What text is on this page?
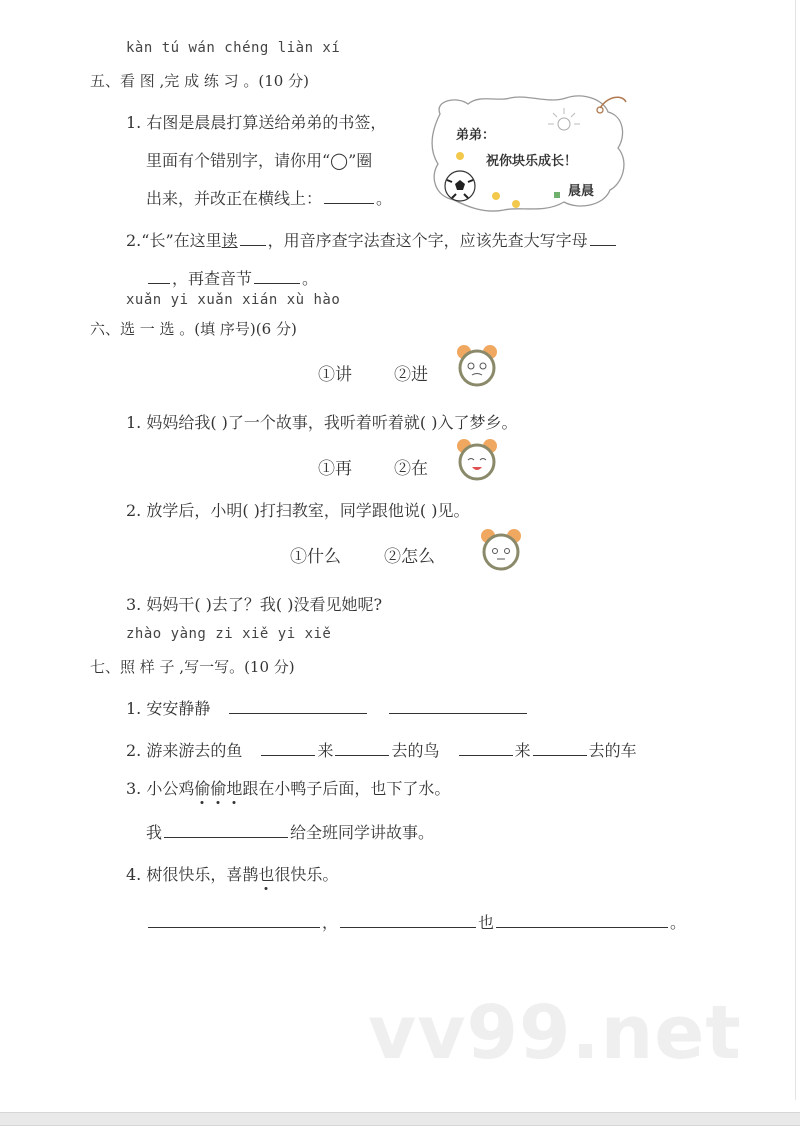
kàn tú wán chéng liàn xí
五、看 图 ,完 成 练 习 。(10 分)
1. 右图是晨晨打算送给弟弟的书签，
里面有个错别字，请你用“◯”圈
出来，并改正在横线上：	。
弟弟：
祝你块乐成长！
晨晨
2.“长”在这里读 ，用音序查字法查这个字，应该先查大写字母
，再查音节	。
xuǎn yi xuǎn xián xù hào
六、选 一 选 。(填 序号)(6 分)
①讲 ②进
1. 妈妈给我( )了一个故事，我听着听着就( )入了梦乡。
①再 ②在
2. 放学后，小明( )打扫教室，同学跟他说( )见。
①什么	②怎么
3. 妈妈干( )去了？我( )没看见她呢?
zhào yàng zi xiě yi xiě
七、照 样 子 ,写一写。(10 分)
1. 安安静静
2. 游来游去的鱼	来	去的鸟	来	去的车
3. 小公鸡偷偷地跟在小鸭子后面，也下了水。
我	给全班同学讲故事。
4. 树很快乐，喜鹊也很快乐。
，	也	。
vv99.net
